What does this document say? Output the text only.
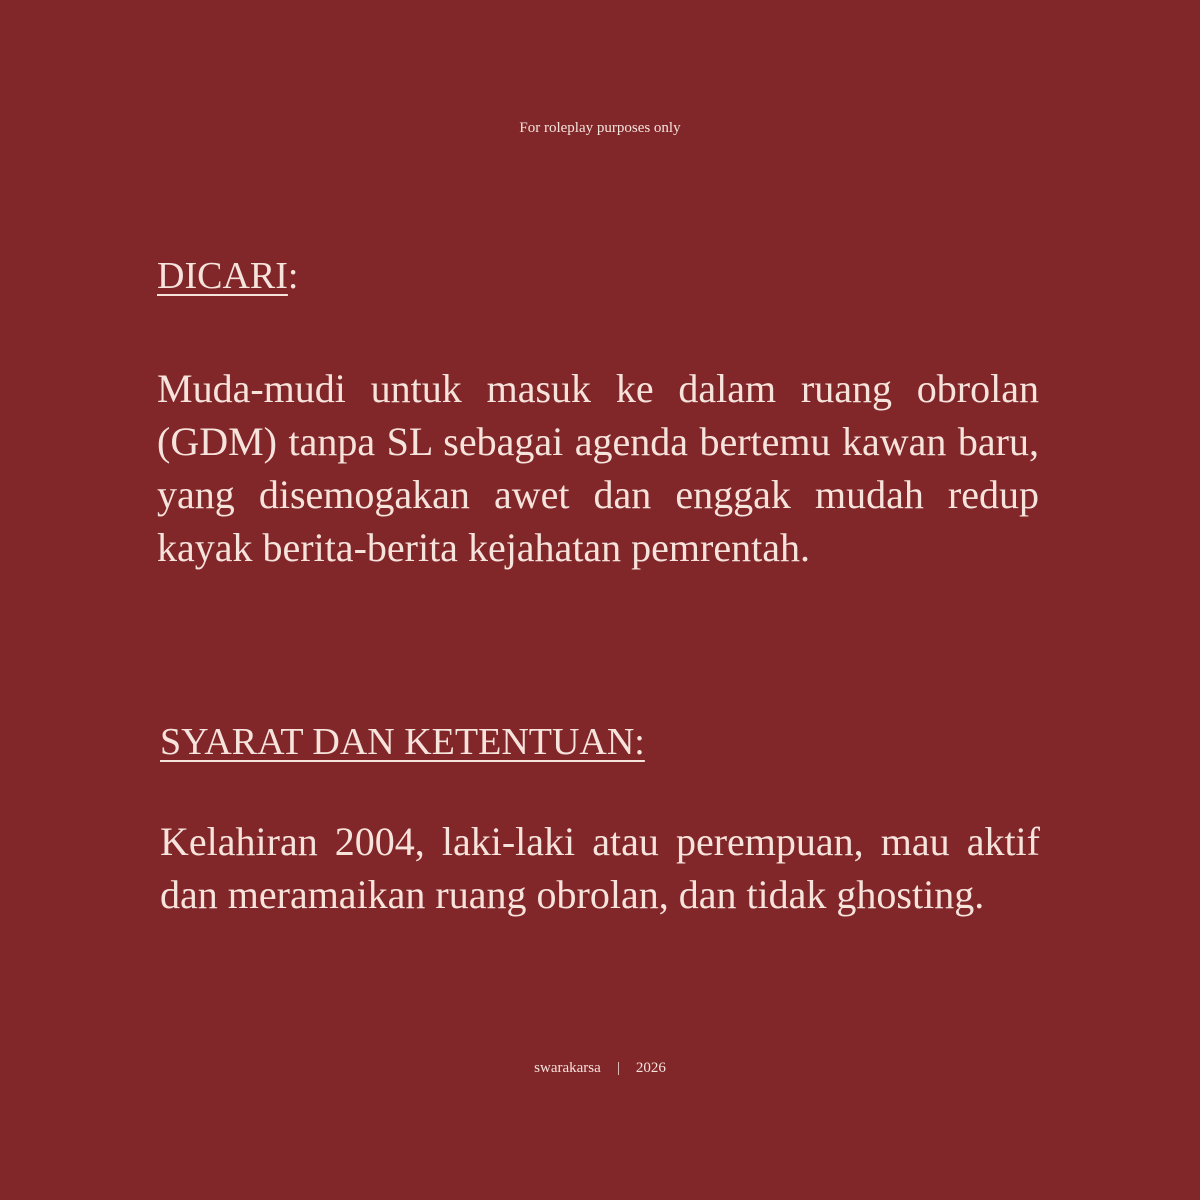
For roleplay purposes only
DICARI:
Muda-mudi untuk masuk ke dalam ruang obrolan (GDM) tanpa SL sebagai agenda bertemu kawan baru, yang disemogakan awet dan enggak mudah redup kayak berita-berita kejahatan pemrentah.
SYARAT DAN KETENTUAN:
Kelahiran 2004, laki-laki atau perempuan, mau aktif dan meramaikan ruang obrolan, dan tidak ghosting.
swarakarsa | 2026
